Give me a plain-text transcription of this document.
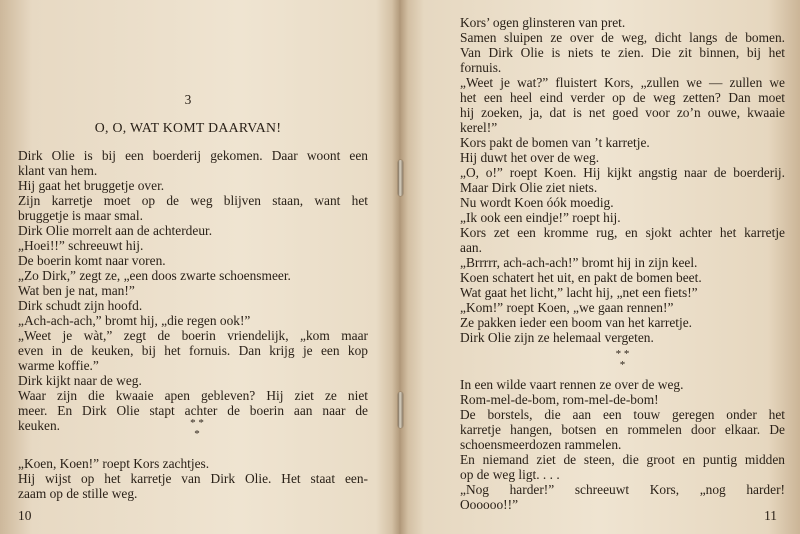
3
O, O, WAT KOMT DAARVAN!
Dirk Olie is bij een boerderij gekomen. Daar woont een
klant van hem.
Hij gaat het bruggetje over.
Zijn karretje moet op de weg blijven staan, want het
bruggetje is maar smal.
Dirk Olie morrelt aan de achterdeur.
„Hoei!!” schreeuwt hij.
De boerin komt naar voren.
„Zo Dirk,” zegt ze, „een doos zwarte schoensmeer.
Wat ben je nat, man!”
Dirk schudt zijn hoofd.
„Ach-ach-ach,” bromt hij, „die regen ook!”
„Weet je wàt,” zegt de boerin vriendelijk, „kom maar
even in de keuken, bij het fornuis. Dan krijg je een kop
warme koffie.”
Dirk kijkt naar de weg.
Waar zijn die kwaaie apen gebleven? Hij ziet ze niet
meer. En Dirk Olie stapt achter de boerin aan naar de
keuken.	* *
*
„Koen, Koen!” roept Kors zachtjes.
Hij wijst op het karretje van Dirk Olie. Het staat een-
zaam op de stille weg.
10
Kors’ ogen glinsteren van pret.
Samen sluipen ze over de weg, dicht langs de bomen.
Van Dirk Olie is niets te zien. Die zit binnen, bij het
fornuis.
„Weet je wat?” fluistert Kors, „zullen we — zullen we
het een heel eind verder op de weg zetten? Dan moet
hij zoeken, ja, dat is net goed voor zo’n ouwe, kwaaie
kerel!”
Kors pakt de bomen van ’t karretje.
Hij duwt het over de weg.
„O, o!” roept Koen. Hij kijkt angstig naar de boerderij.
Maar Dirk Olie ziet niets.
Nu wordt Koen óók moedig.
„Ik ook een eindje!” roept hij.
Kors zet een kromme rug, en sjokt achter het karretje
aan.
„Brrrrr, ach-ach-ach!” bromt hij in zijn keel.
Koen schatert het uit, en pakt de bomen beet.
Wat gaat het licht,” lacht hij, „net een fiets!”
„Kom!” roept Koen, „we gaan rennen!”
Ze pakken ieder een boom van het karretje.
Dirk Olie zijn ze helemaal vergeten.
* *
*
In een wilde vaart rennen ze over de weg.
Rom-mel-de-bom, rom-mel-de-bom!
De borstels, die aan een touw geregen onder het
karretje hangen, botsen en rommelen door elkaar. De
schoensmeerdozen rammelen.
En niemand ziet de steen, die groot en puntig midden
op de weg ligt. . . .
„Nog harder!” schreeuwt Kors, „nog harder!
Oooooo!!”
11
